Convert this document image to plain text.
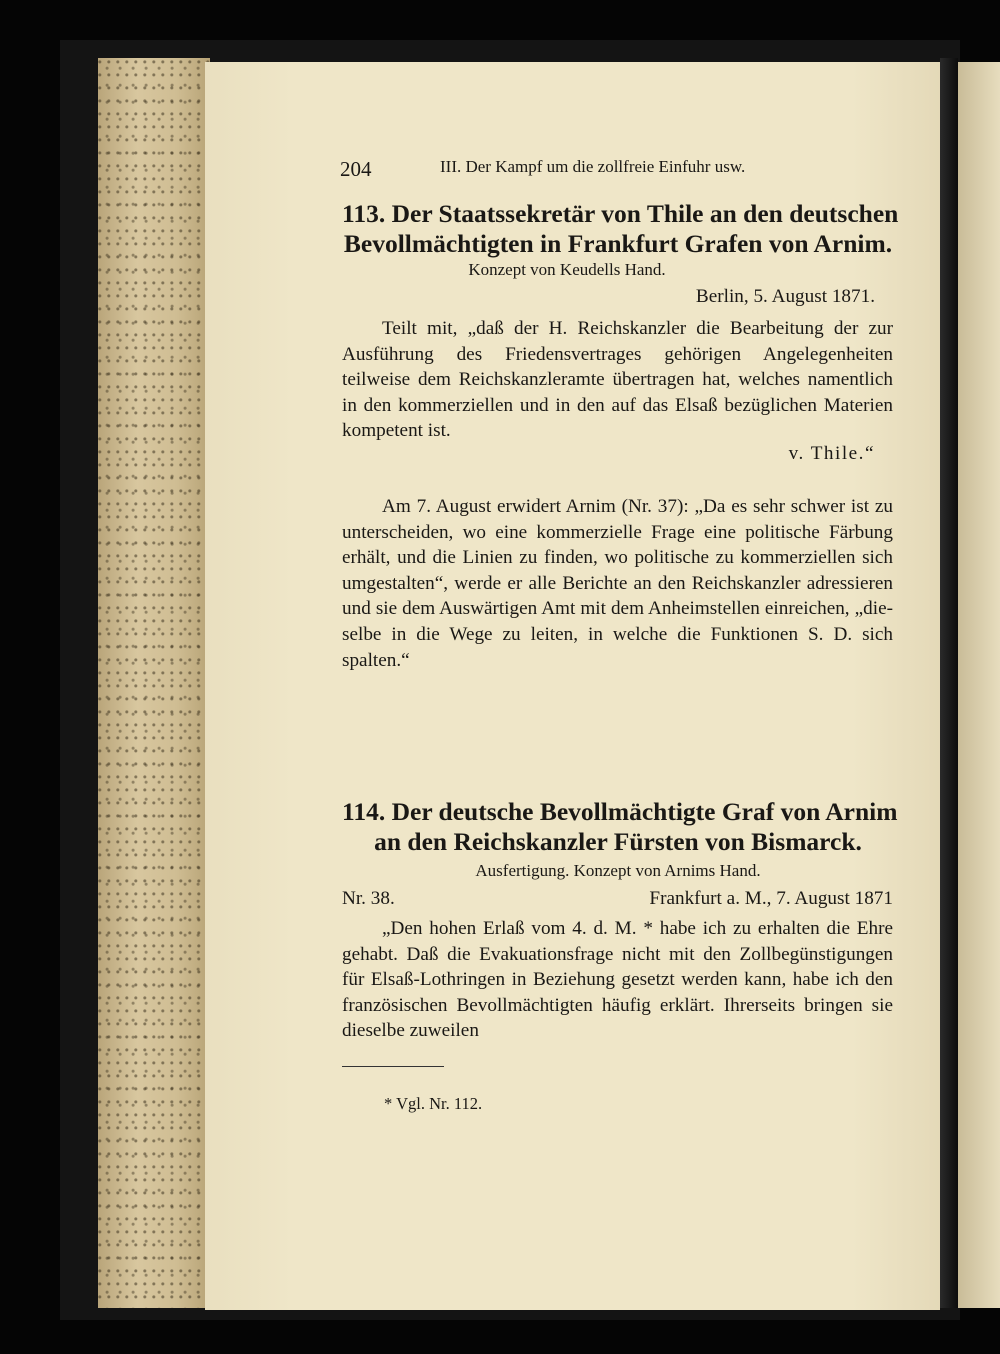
204	III. Der Kampf um die zollfreie Einfuhr usw.
113. Der Staatssekretär von Thile an den deutschen
Bevollmächtigten in Frankfurt Grafen von Arnim.
Konzept von Keudells Hand.
Berlin, 5. August 1871.

Teilt mit, „daß der H. Reichskanzler die Bearbeitung der zur Ausführung des Friedensvertrages gehörigen Angelegenheiten teilweise dem Reichskanzleramte übertragen hat, welches namentlich in den kommerziellen und in den auf das Elsaß bezüglichen Materien kompetent ist.

v. Thile.“

Am 7. August erwidert Arnim (Nr. 37): „Da es sehr schwer ist zu unterscheiden, wo eine kommerzielle Frage eine politische Färbung erhält, und die Linien zu finden, wo politische zu kommerziellen sich umgestalten“, werde er alle Berichte an den Reichskanzler adressieren und sie dem Auswärtigen Amt mit dem Anheimstellen einreichen, „dieselbe in die Wege zu leiten, in welche die Funktionen S. D. sich spalten.“

114. Der deutsche Bevollmächtigte Graf von Arnim
an den Reichskanzler Fürsten von Bismarck.
Ausfertigung. Konzept von Arnims Hand.
Nr. 38.	Frankfurt a. M., 7. August 1871

„Den hohen Erlaß vom 4. d. M. * habe ich zu erhalten die Ehre gehabt. Daß die Evakuationsfrage nicht mit den Zollbegünstigungen für Elsaß-Lothringen in Beziehung gesetzt werden kann, habe ich den französischen Bevollmächtigten häufig erklärt. Ihrerseits bringen sie dieselbe zuweilen

* Vgl. Nr. 112.
